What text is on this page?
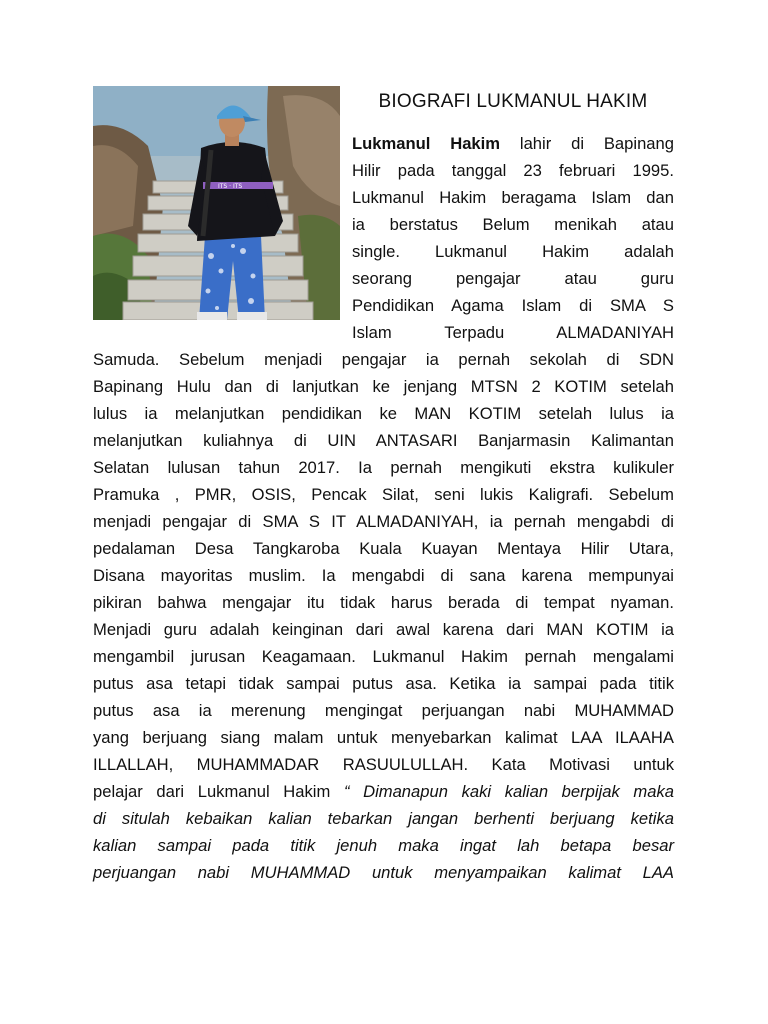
ITS · ITS
BIOGRAFI LUKMANUL HAKIM
Lukmanul Hakim lahir di Bapinang
Hilir pada tanggal 23 februari 1995.
Lukmanul Hakim beragama Islam dan
ia berstatus Belum menikah atau
single. Lukmanul Hakim adalah
seorang pengajar atau guru
Pendidikan Agama Islam di SMA S
Islam Terpadu ALMADANIYAH
Samuda. Sebelum menjadi pengajar ia pernah sekolah di SDN
Bapinang Hulu dan di lanjutkan ke jenjang MTSN 2 KOTIM setelah
lulus ia melanjutkan pendidikan ke MAN KOTIM setelah lulus ia
melanjutkan kuliahnya di UIN ANTASARI Banjarmasin Kalimantan
Selatan lulusan tahun 2017. Ia pernah mengikuti ekstra kulikuler
Pramuka , PMR, OSIS, Pencak Silat, seni lukis Kaligrafi. Sebelum
menjadi pengajar di SMA S IT ALMADANIYAH, ia pernah mengabdi di
pedalaman Desa Tangkaroba Kuala Kuayan Mentaya Hilir Utara,
Disana mayoritas muslim. Ia mengabdi di sana karena mempunyai
pikiran bahwa mengajar itu tidak harus berada di tempat nyaman.
Menjadi guru adalah keinginan dari awal karena dari MAN KOTIM ia
mengambil jurusan Keagamaan. Lukmanul Hakim pernah mengalami
putus asa tetapi tidak sampai putus asa. Ketika ia sampai pada titik
putus asa ia merenung mengingat perjuangan nabi MUHAMMAD
yang berjuang siang malam untuk menyebarkan kalimat LAA ILAAHA
ILLALLAH, MUHAMMADAR RASUULULLAH. Kata Motivasi untuk
pelajar dari Lukmanul Hakim “ Dimanapun kaki kalian berpijak maka
di situlah kebaikan kalian tebarkan jangan berhenti berjuang ketika
kalian sampai pada titik jenuh maka ingat lah betapa besar
perjuangan nabi MUHAMMAD untuk menyampaikan kalimat LAA
